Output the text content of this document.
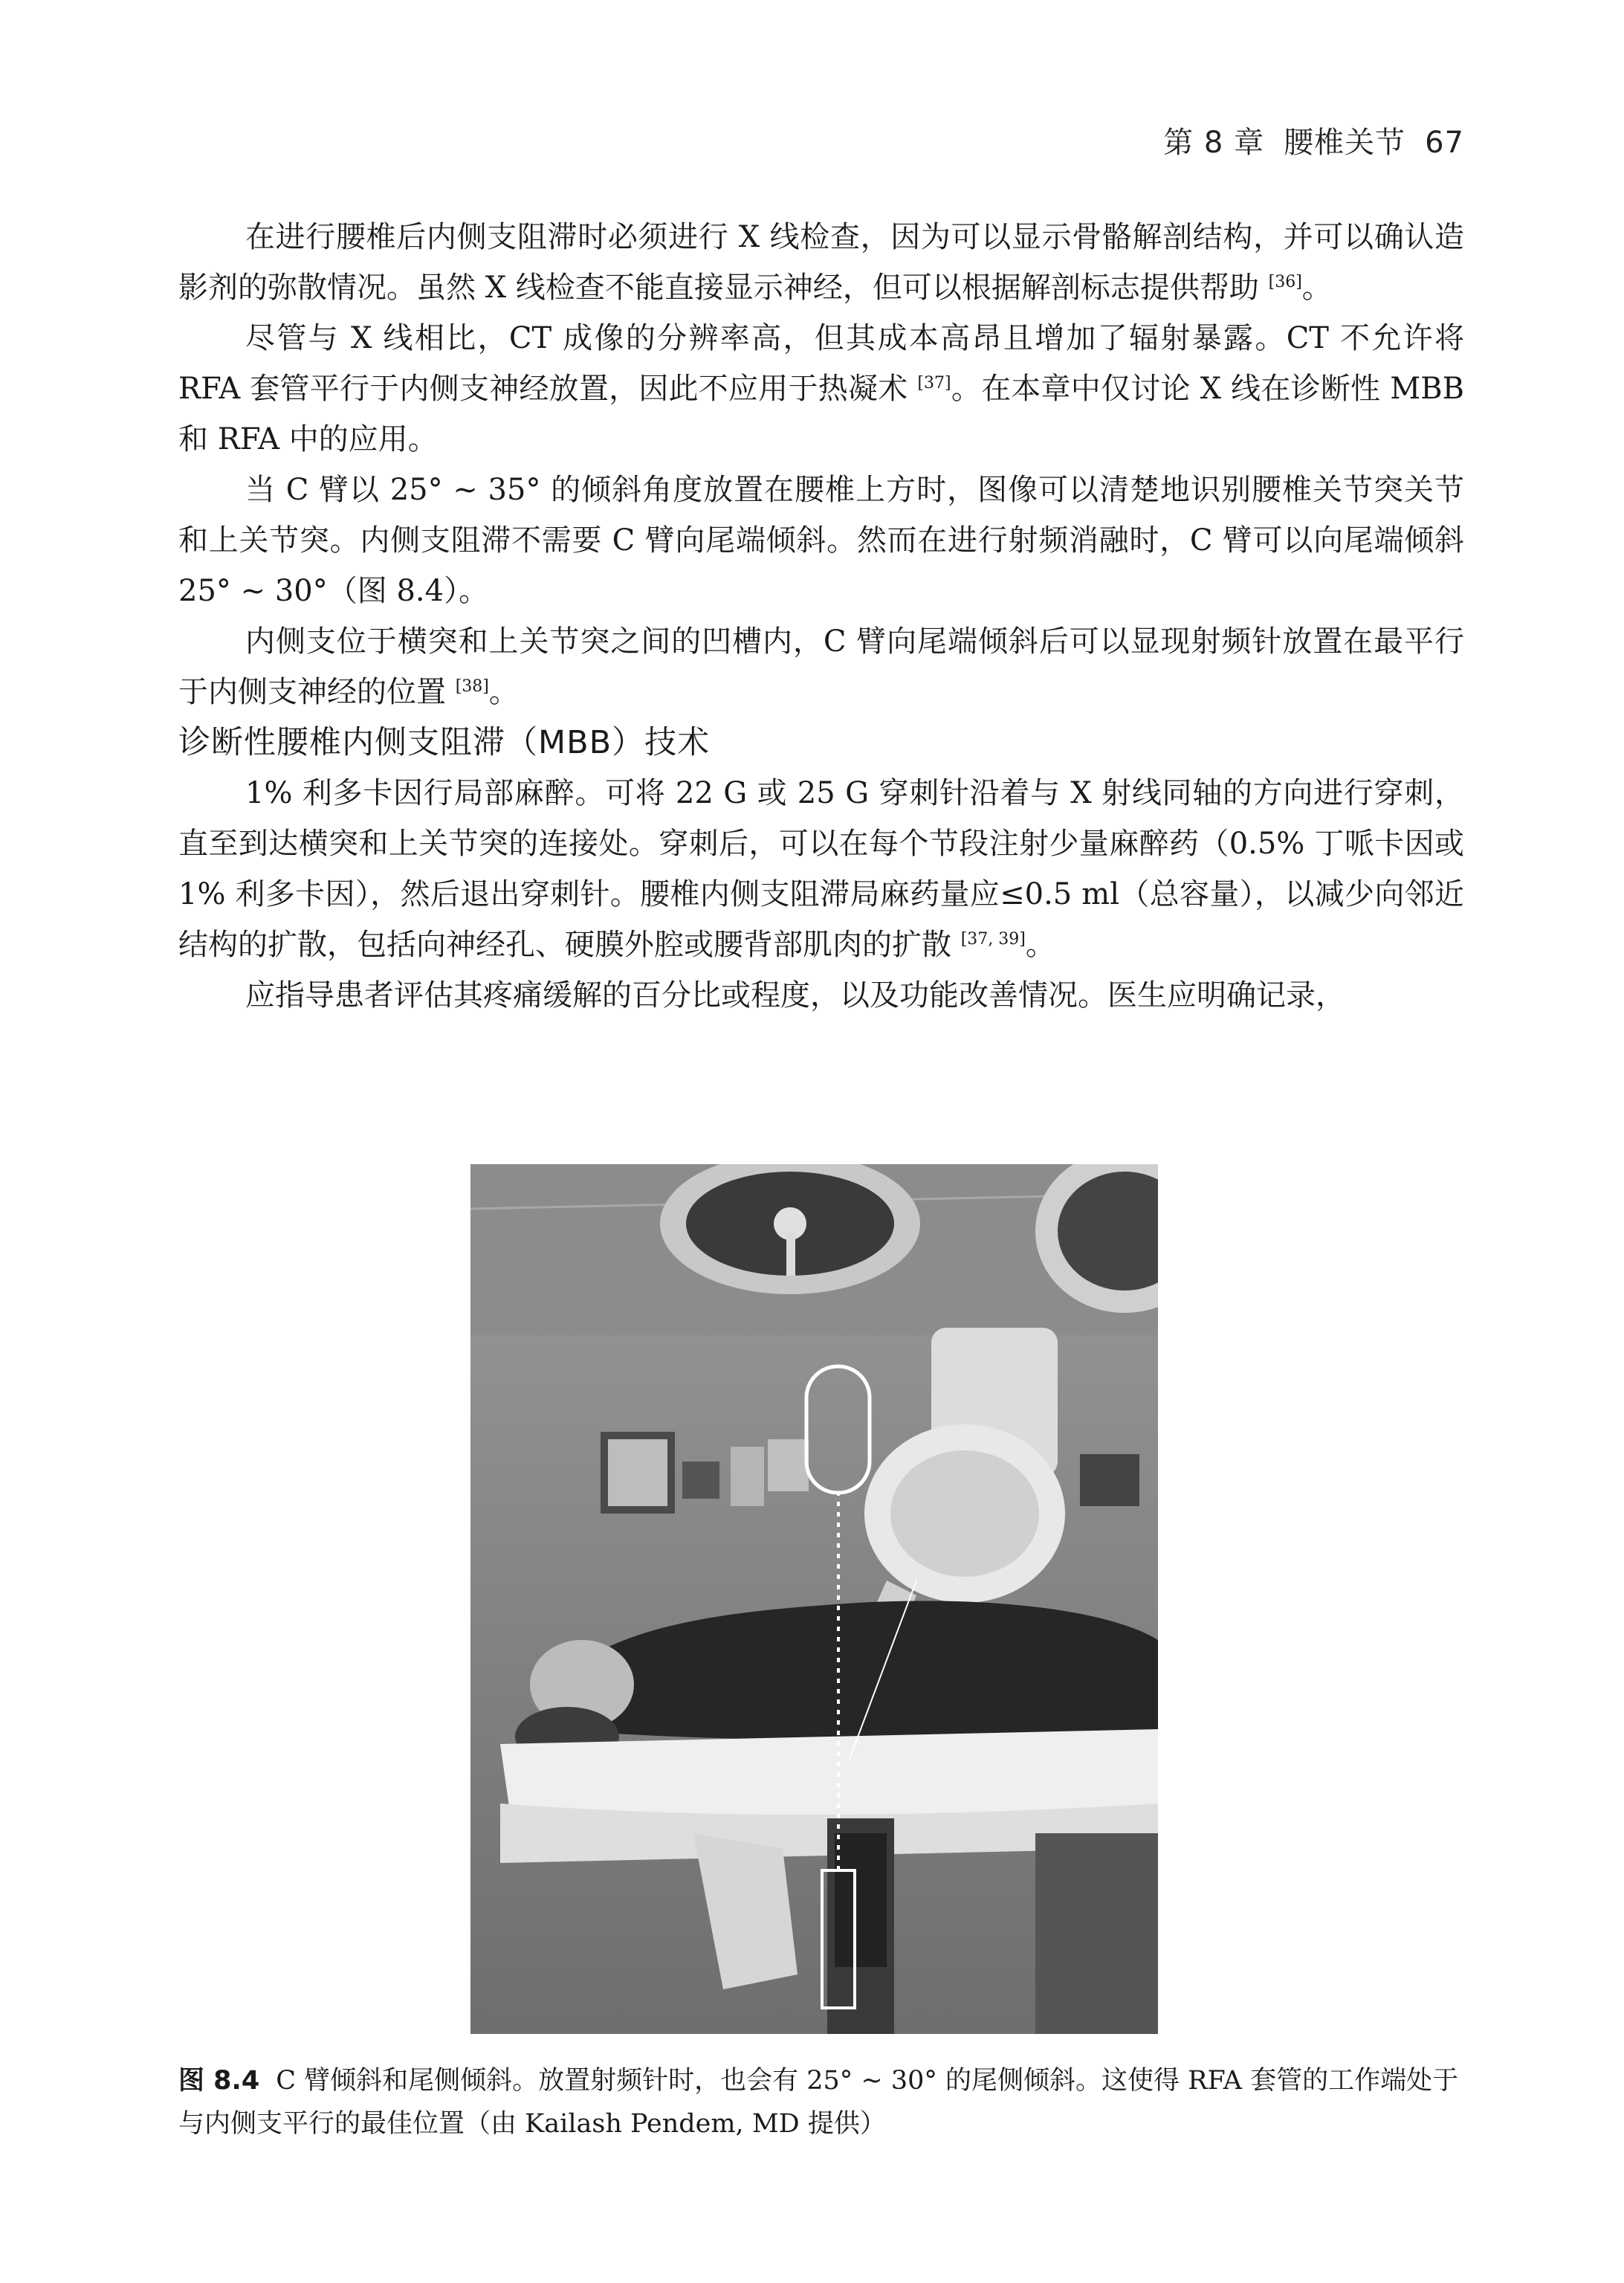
第 8 章 腰椎关节 67

在进行腰椎后内侧支阻滞时必须进行 X 线检查，因为可以显示骨骼解剖结构，并可以确认造影剂的弥散情况。虽然 X 线检查不能直接显示神经，但可以根据解剖标志提供帮助 [36]。

尽管与 X 线相比，CT 成像的分辨率高，但其成本高昂且增加了辐射暴露。CT 不允许将 RFA 套管平行于内侧支神经放置，因此不应用于热凝术 [37]。在本章中仅讨论 X 线在诊断性 MBB 和 RFA 中的应用。

当 C 臂以 25° ~ 35° 的倾斜角度放置在腰椎上方时，图像可以清楚地识别腰椎关节突关节和上关节突。内侧支阻滞不需要 C 臂向尾端倾斜。然而在进行射频消融时，C 臂可以向尾端倾斜 25° ~ 30°（图 8.4）。

内侧支位于横突和上关节突之间的凹槽内，C 臂向尾端倾斜后可以显现射频针放置在最平行于内侧支神经的位置 [38]。

诊断性腰椎内侧支阻滞（MBB）技术

1% 利多卡因行局部麻醉。可将 22 G 或 25 G 穿刺针沿着与 X 射线同轴的方向进行穿刺，直至到达横突和上关节突的连接处。穿刺后，可以在每个节段注射少量麻醉药（0.5% 丁哌卡因或 1% 利多卡因），然后退出穿刺针。腰椎内侧支阻滞局麻药量应≤0.5 ml（总容量），以减少向邻近结构的扩散，包括向神经孔、硬膜外腔或腰背部肌肉的扩散 [37, 39]。

应指导患者评估其疼痛缓解的百分比或程度，以及功能改善情况。医生应明确记录，

图 8.4 C 臂倾斜和尾侧倾斜。放置射频针时，也会有 25° ~ 30° 的尾侧倾斜。这使得 RFA 套管的工作端处于与内侧支平行的最佳位置（由 Kailash Pendem, MD 提供）
